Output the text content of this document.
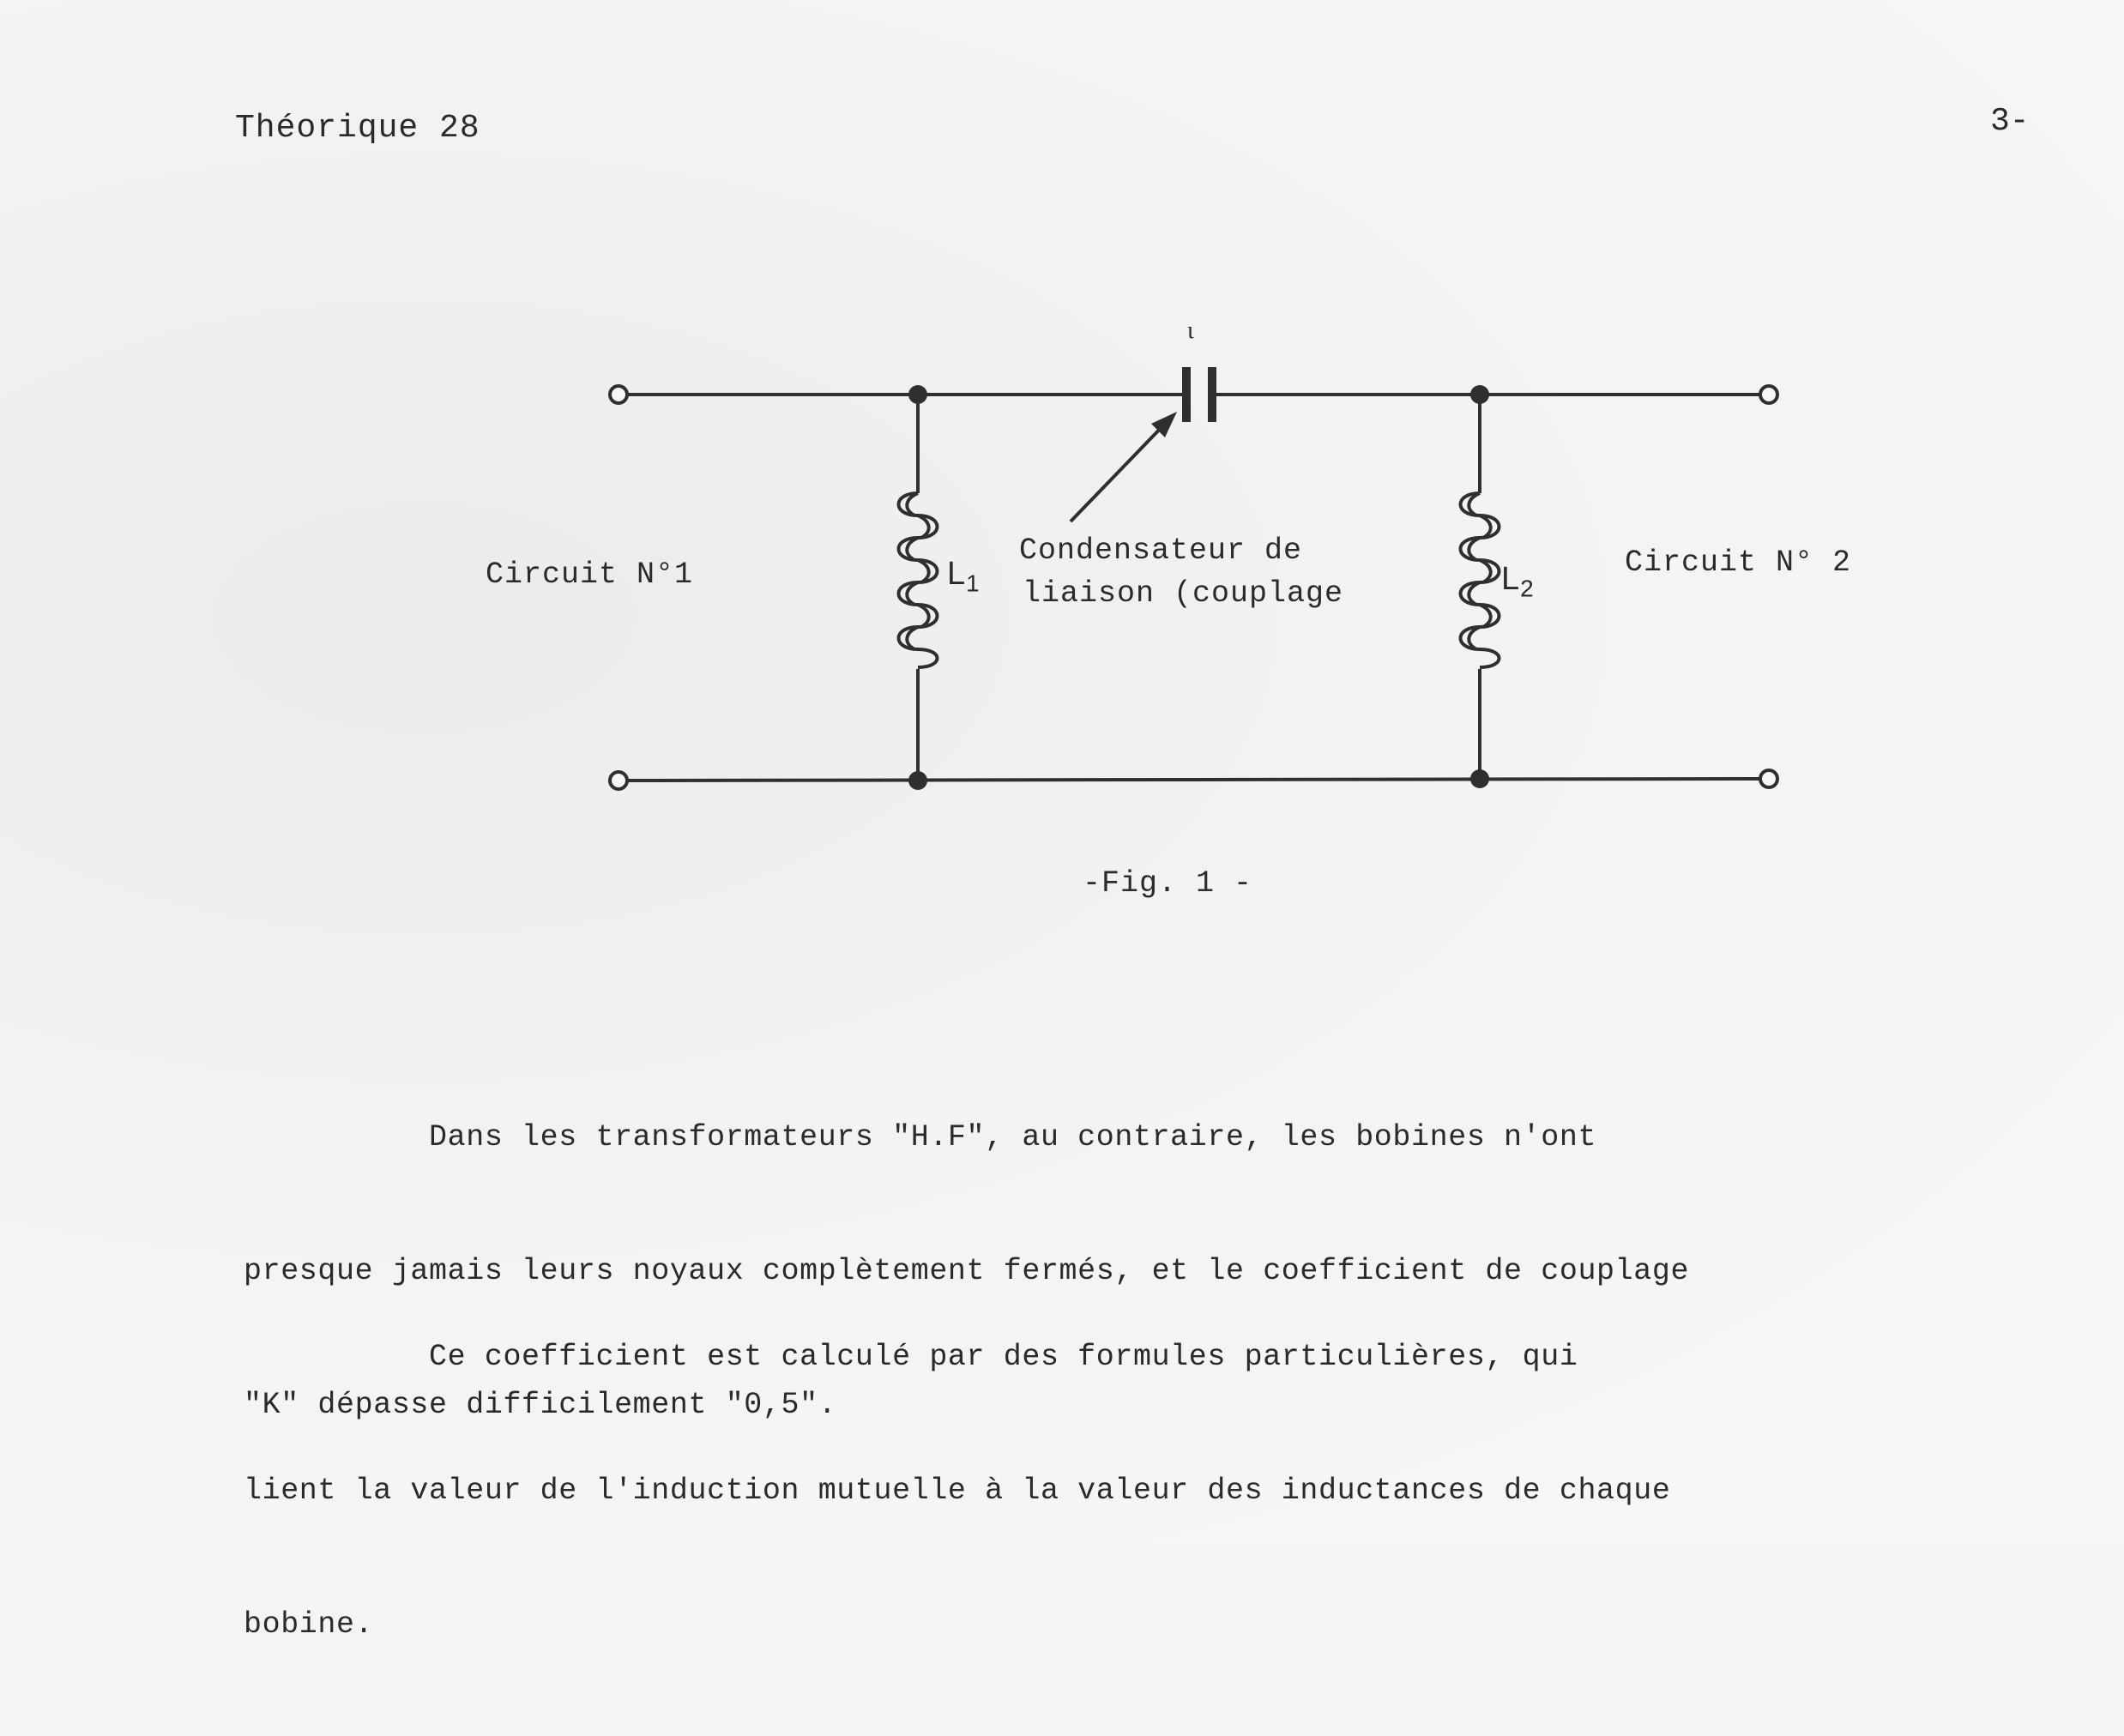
Théorique 28	3-
ι
Circuit N°1	Circuit N° 2
$L_1$	$L_2$
Condensateur de
liaison (couplage
-Fig. 1 -

Dans les transformateurs "H.F", au contraire, les bobines n'ont

presque jamais leurs noyaux complètement fermés, et le coefficient de couplage

"K" dépasse difficilement "0,5".

Ce coefficient est calculé par des formules particulières, qui

lient la valeur de l'induction mutuelle à la valeur des inductances de chaque

bobine.
